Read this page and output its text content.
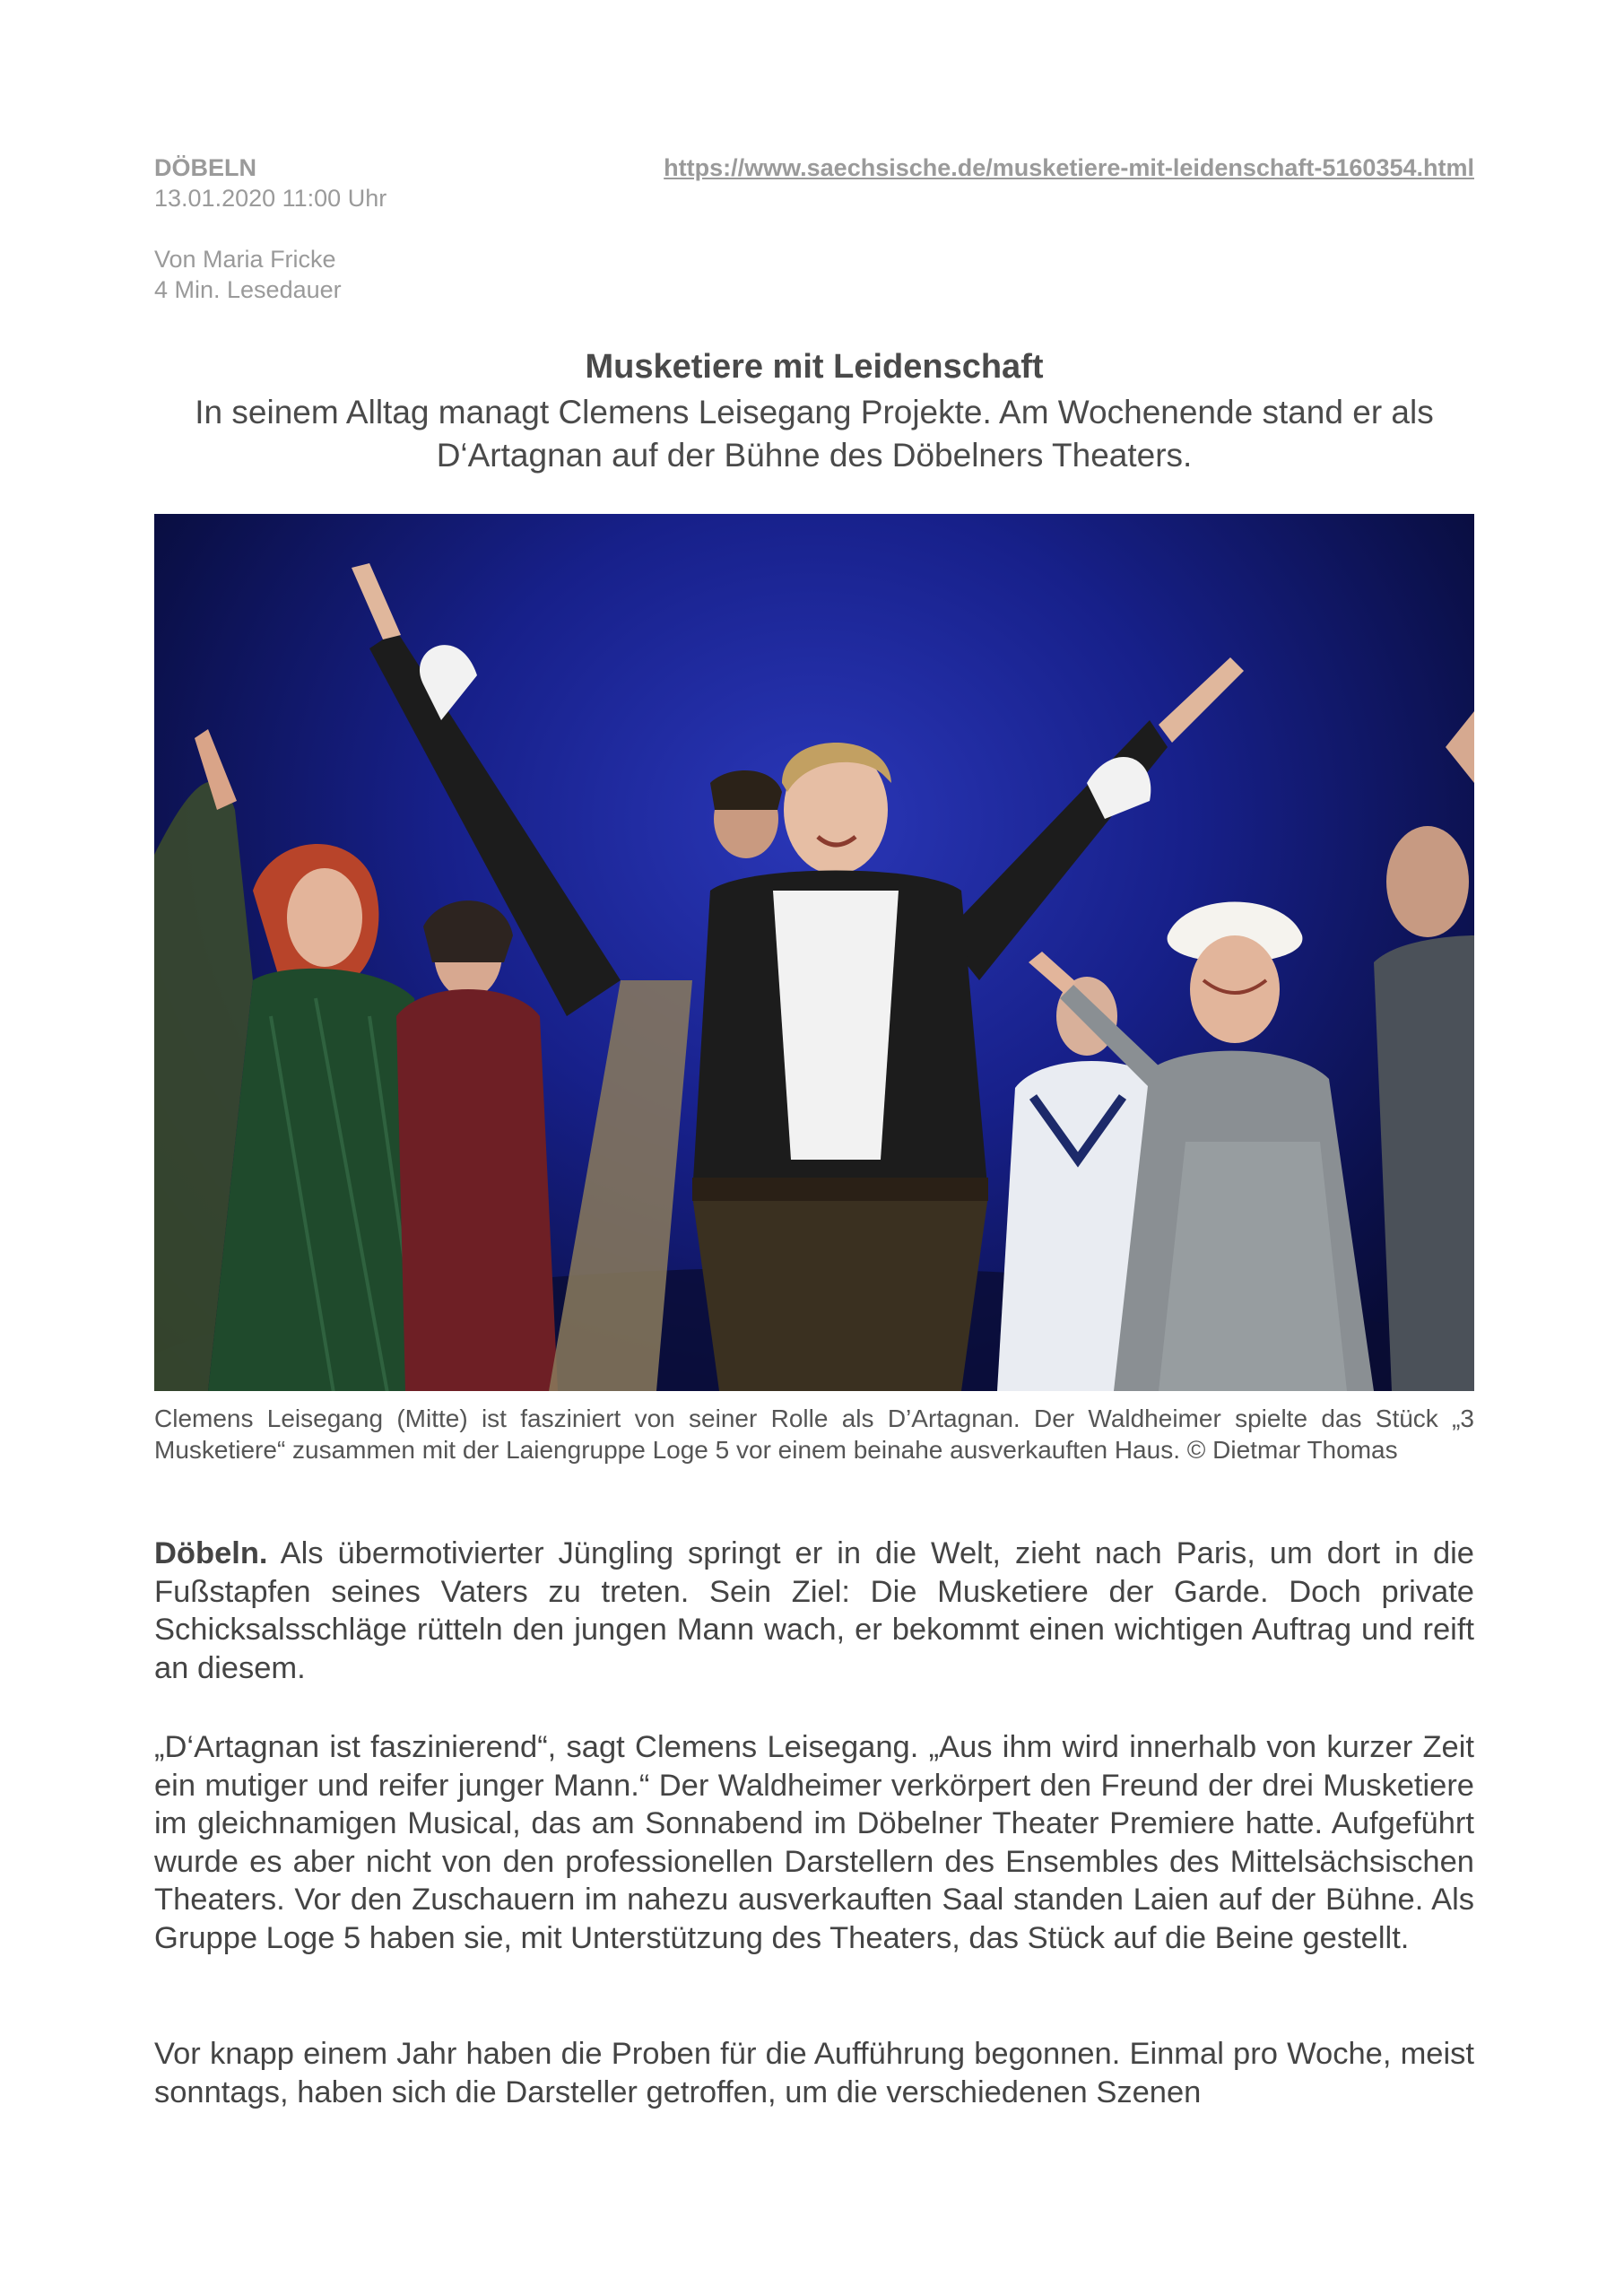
DÖBELN
13.01.2020 11:00 Uhr
Von Maria Fricke
4 Min. Lesedauer
https://www.saechsische.de/musketiere-mit-leidenschaft-5160354.html
Musketiere mit Leidenschaft
In seinem Alltag managt Clemens Leisegang Projekte. Am Wochenende stand er als D‘Artagnan auf der Bühne des Döbelners Theaters.
Clemens Leisegang (Mitte) ist fasziniert von seiner Rolle als D’Artagnan. Der Waldheimer spielte das Stück „3 Musketiere“ zusammen mit der Laiengruppe Loge 5 vor einem beinahe ausverkauften Haus. © Dietmar Thomas
Döbeln. Als übermotivierter Jüngling springt er in die Welt, zieht nach Paris, um dort in die Fußstapfen seines Vaters zu treten. Sein Ziel: Die Musketiere der Garde. Doch private Schicksalsschläge rütteln den jungen Mann wach, er bekommt einen wichtigen Auftrag und reift an diesem.
„D‘Artagnan ist faszinierend“, sagt Clemens Leisegang. „Aus ihm wird innerhalb von kurzer Zeit ein mutiger und reifer junger Mann.“ Der Waldheimer verkörpert den Freund der drei Musketiere im gleichnamigen Musical, das am Sonnabend im Döbelner Theater Premiere hatte. Aufgeführt wurde es aber nicht von den professionellen Darstellern des Ensembles des Mittelsächsischen Theaters. Vor den Zuschauern im nahezu ausverkauften Saal standen Laien auf der Bühne. Als Gruppe Loge 5 haben sie, mit Unterstützung des Theaters, das Stück auf die Beine gestellt.
Vor knapp einem Jahr haben die Proben für die Aufführung begonnen. Einmal pro Woche, meist sonntags, haben sich die Darsteller getroffen, um die verschiedenen Szenen
